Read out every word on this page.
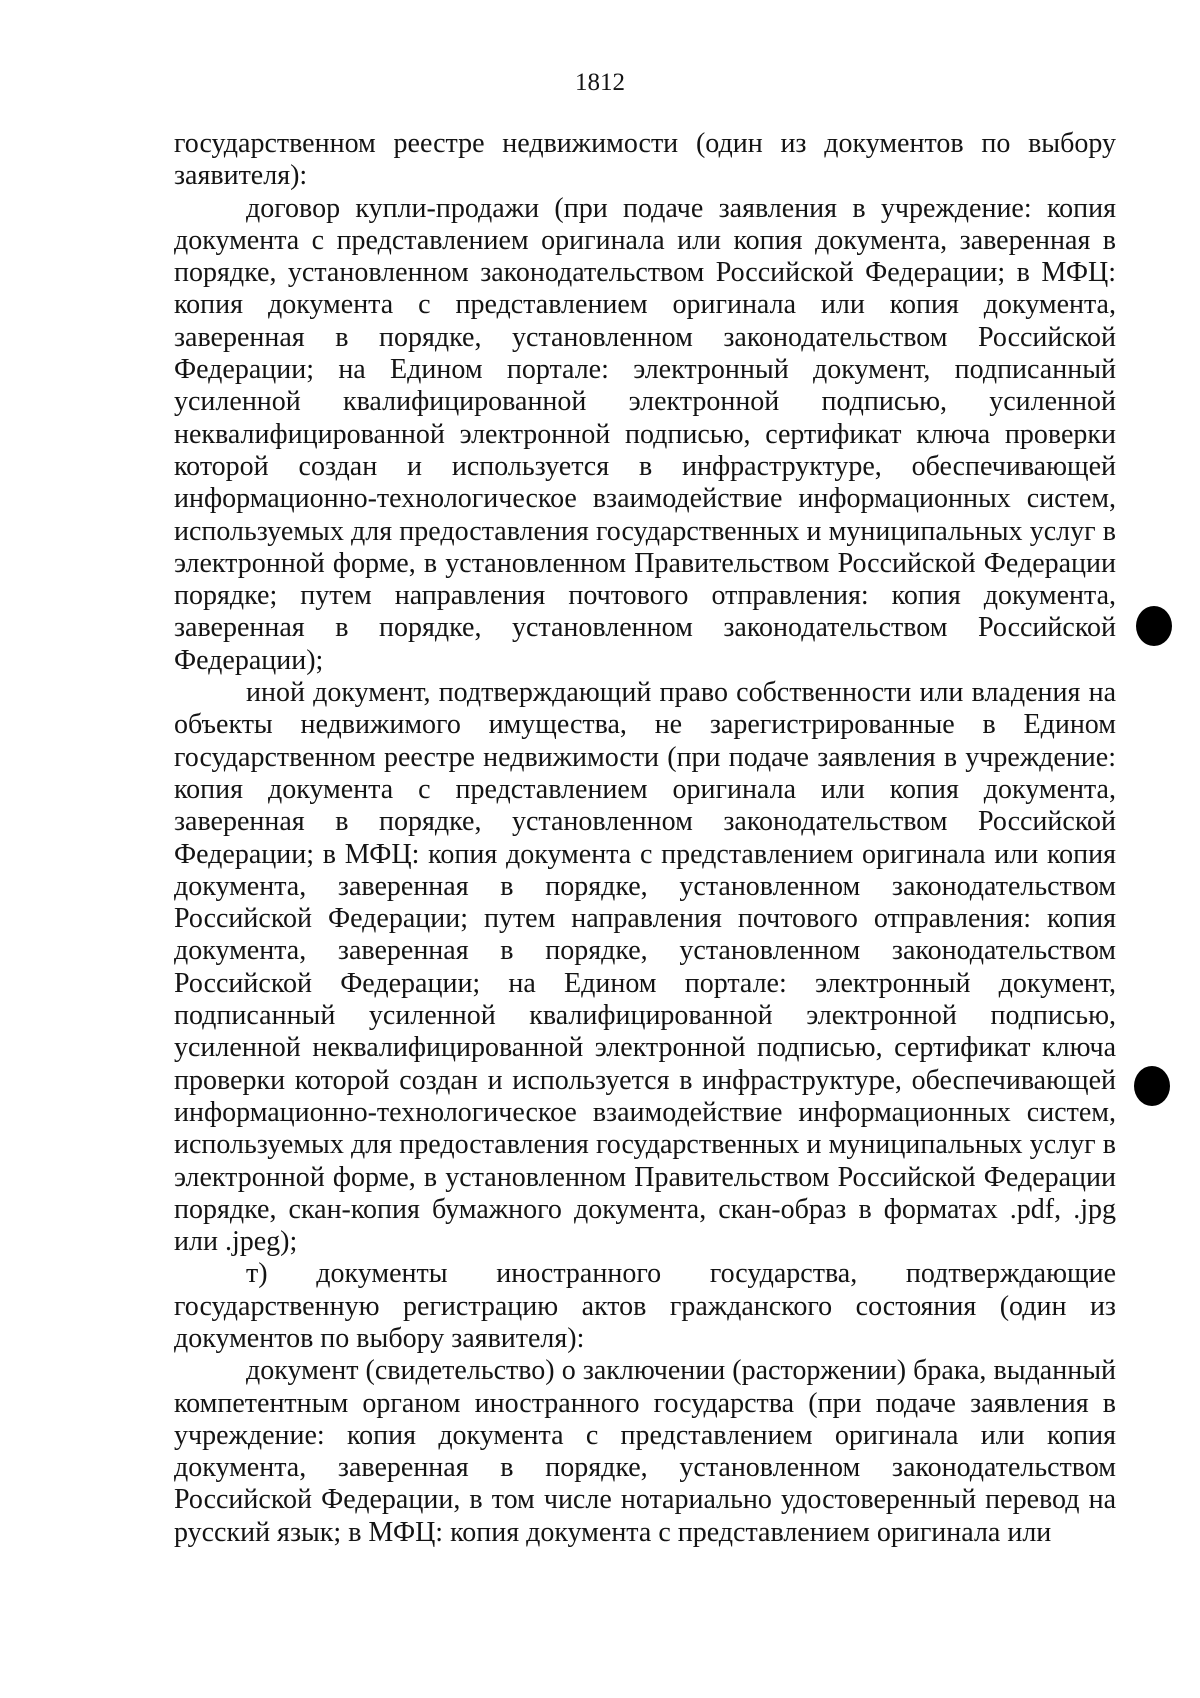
1812

государственном реестре недвижимости (один из документов по выбору заявителя):

договор купли-продажи (при подаче заявления в учреждение: копия документа с представлением оригинала или копия документа, заверенная в порядке, установленном законодательством Российской Федерации; в МФЦ: копия документа с представлением оригинала или копия документа, заверенная в порядке, установленном законодательством Российской Федерации; на Едином портале: электронный документ, подписанный усиленной квалифицированной электронной подписью, усиленной неквалифицированной электронной подписью, сертификат ключа проверки которой создан и используется в инфраструктуре, обеспечивающей информационно-технологическое взаимодействие информационных систем, используемых для предоставления государственных и муниципальных услуг в электронной форме, в установленном Правительством Российской Федерации порядке; путем направления почтового отправления: копия документа, заверенная в порядке, установленном законодательством Российской Федерации);

иной документ, подтверждающий право собственности или владения на объекты недвижимого имущества, не зарегистрированные в Едином государственном реестре недвижимости (при подаче заявления в учреждение: копия документа с представлением оригинала или копия документа, заверенная в порядке, установленном законодательством Российской Федерации; в МФЦ: копия документа с представлением оригинала или копия документа, заверенная в порядке, установленном законодательством Российской Федерации; путем направления почтового отправления: копия документа, заверенная в порядке, установленном законодательством Российской Федерации; на Едином портале: электронный документ, подписанный усиленной квалифицированной электронной подписью, усиленной неквалифицированной электронной подписью, сертификат ключа проверки которой создан и используется в инфраструктуре, обеспечивающей информационно-технологическое взаимодействие информационных систем, используемых для предоставления государственных и муниципальных услуг в электронной форме, в установленном Правительством Российской Федерации порядке, скан-копия бумажного документа, скан-образ в форматах .pdf, .jpg или .jpeg);

т) документы иностранного государства, подтверждающие государственную регистрацию актов гражданского состояния (один из документов по выбору заявителя):

документ (свидетельство) о заключении (расторжении) брака, выданный компетентным органом иностранного государства (при подаче заявления в учреждение: копия документа с представлением оригинала или копия документа, заверенная в порядке, установленном законодательством Российской Федерации, в том числе нотариально удостоверенный перевод на русский язык; в МФЦ: копия документа с представлением оригинала или
